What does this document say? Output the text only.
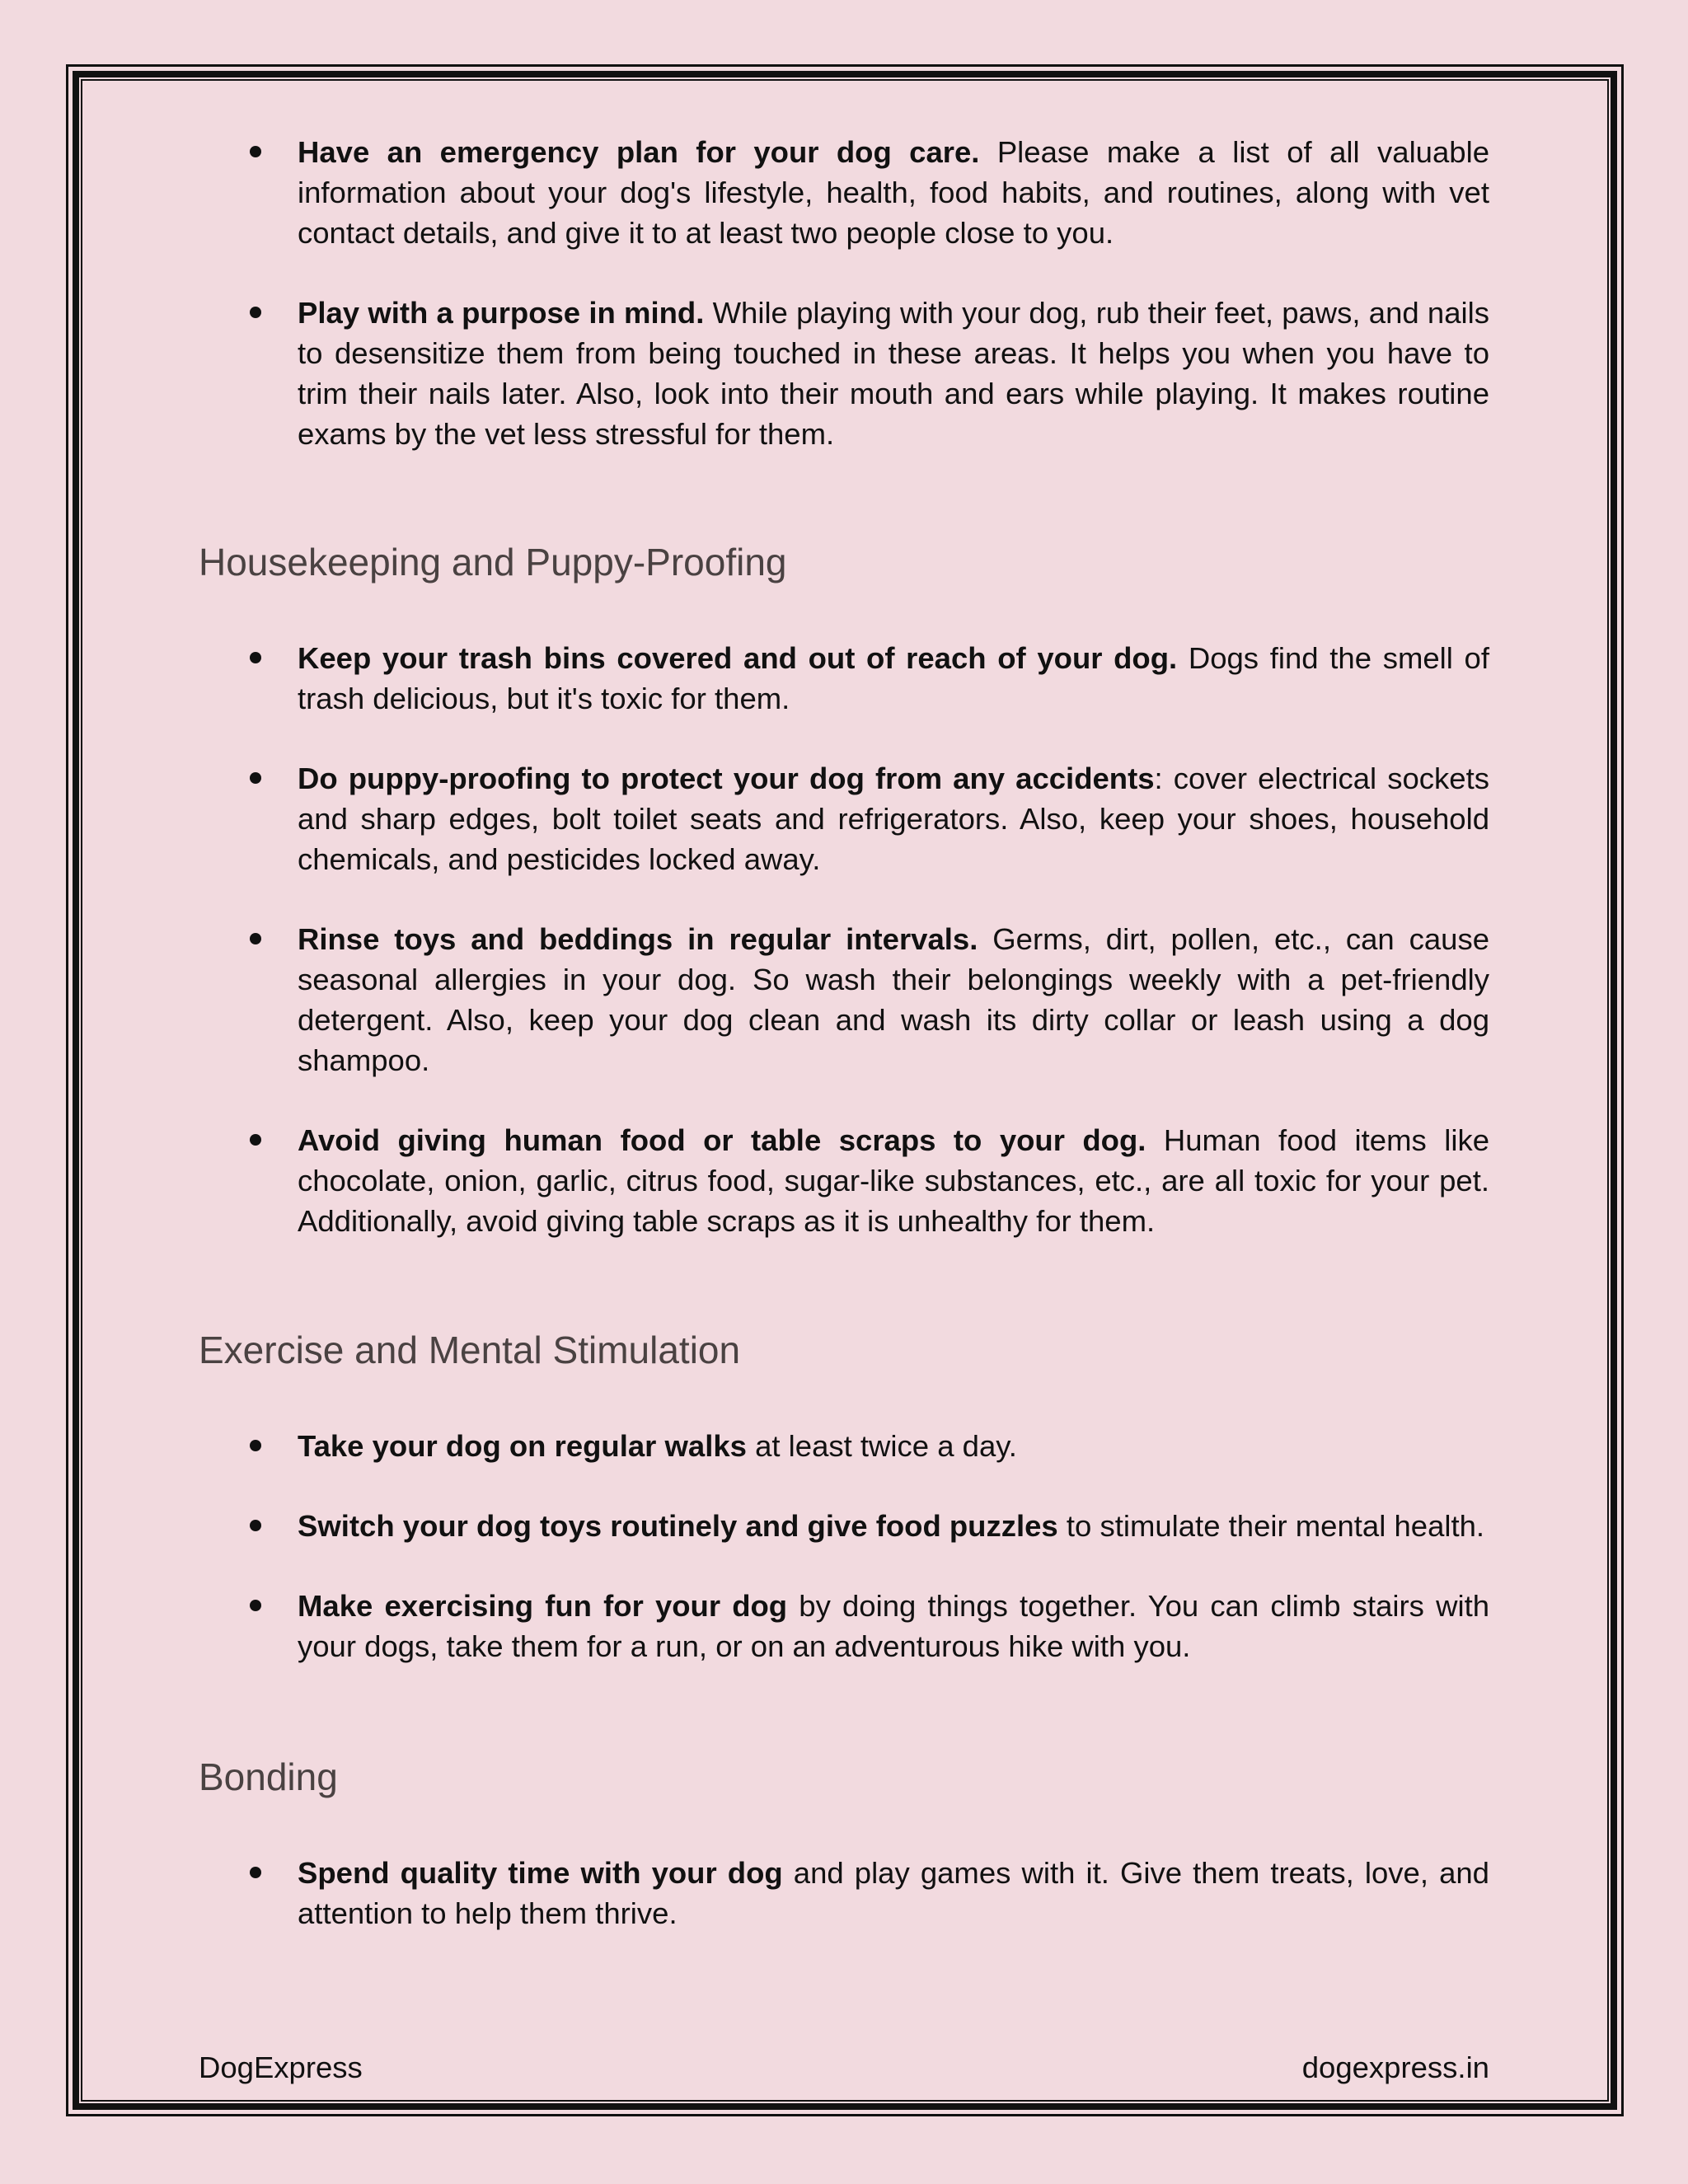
Have an emergency plan for your dog care. Please make a list of all valuable information about your dog's lifestyle, health, food habits, and routines, along with vet contact details, and give it to at least two people close to you.
Play with a purpose in mind. While playing with your dog, rub their feet, paws, and nails to desensitize them from being touched in these areas. It helps you when you have to trim their nails later. Also, look into their mouth and ears while playing. It makes routine exams by the vet less stressful for them.
Housekeeping and Puppy-Proofing
Keep your trash bins covered and out of reach of your dog. Dogs find the smell of trash delicious, but it's toxic for them.
Do puppy-proofing to protect your dog from any accidents: cover electrical sockets and sharp edges, bolt toilet seats and refrigerators. Also, keep your shoes, household chemicals, and pesticides locked away.
Rinse toys and beddings in regular intervals. Germs, dirt, pollen, etc., can cause seasonal allergies in your dog. So wash their belongings weekly with a pet-friendly detergent. Also, keep your dog clean and wash its dirty collar or leash using a dog shampoo.
Avoid giving human food or table scraps to your dog. Human food items like chocolate, onion, garlic, citrus food, sugar-like substances, etc., are all toxic for your pet. Additionally, avoid giving table scraps as it is unhealthy for them.
Exercise and Mental Stimulation
Take your dog on regular walks at least twice a day.
Switch your dog toys routinely and give food puzzles to stimulate their mental health.
Make exercising fun for your dog by doing things together. You can climb stairs with your dogs, take them for a run, or on an adventurous hike with you.
Bonding
Spend quality time with your dog and play games with it. Give them treats, love, and attention to help them thrive.
DogExpress	dogexpress.in
